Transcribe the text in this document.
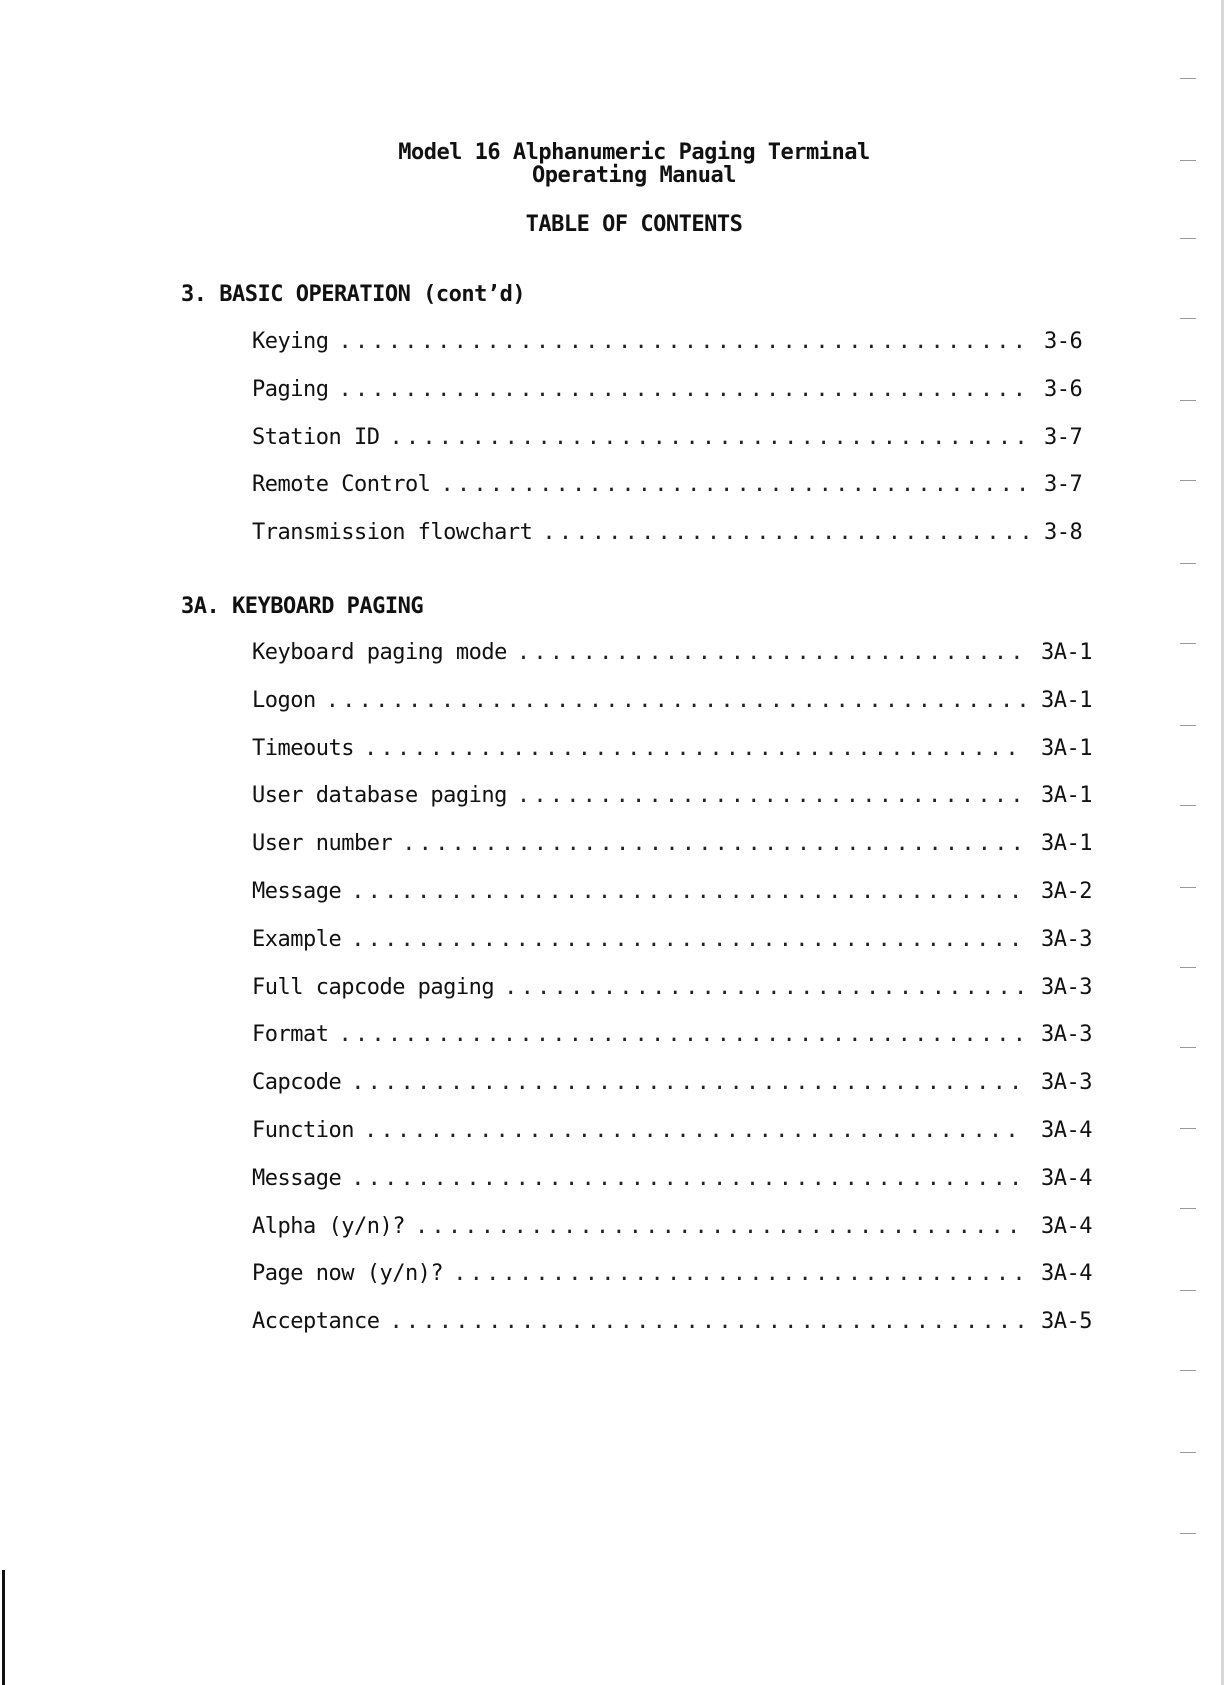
Model 16 Alphanumeric Paging Terminal
Operating Manual
TABLE OF CONTENTS
3. BASIC OPERATION (cont’d)
Keying .....	3-6
Paging .....	3-6
Station ID .....	3-7
Remote Control .....	3-7
Transmission flowchart .....	3-8
3A. KEYBOARD PAGING
Keyboard paging mode .....	3A-1
Logon .....	3A-1
Timeouts .....	3A-1
User database paging .....	3A-1
User number .....	3A-1
Message .....	3A-2
Example .....	3A-3
Full capcode paging .....	3A-3
Format .....	3A-3
Capcode .....	3A-3
Function .....	3A-4
Message .....	3A-4
Alpha (y/n)? .....	3A-4
Page now (y/n)? .....	3A-4
Acceptance .....	3A-5
